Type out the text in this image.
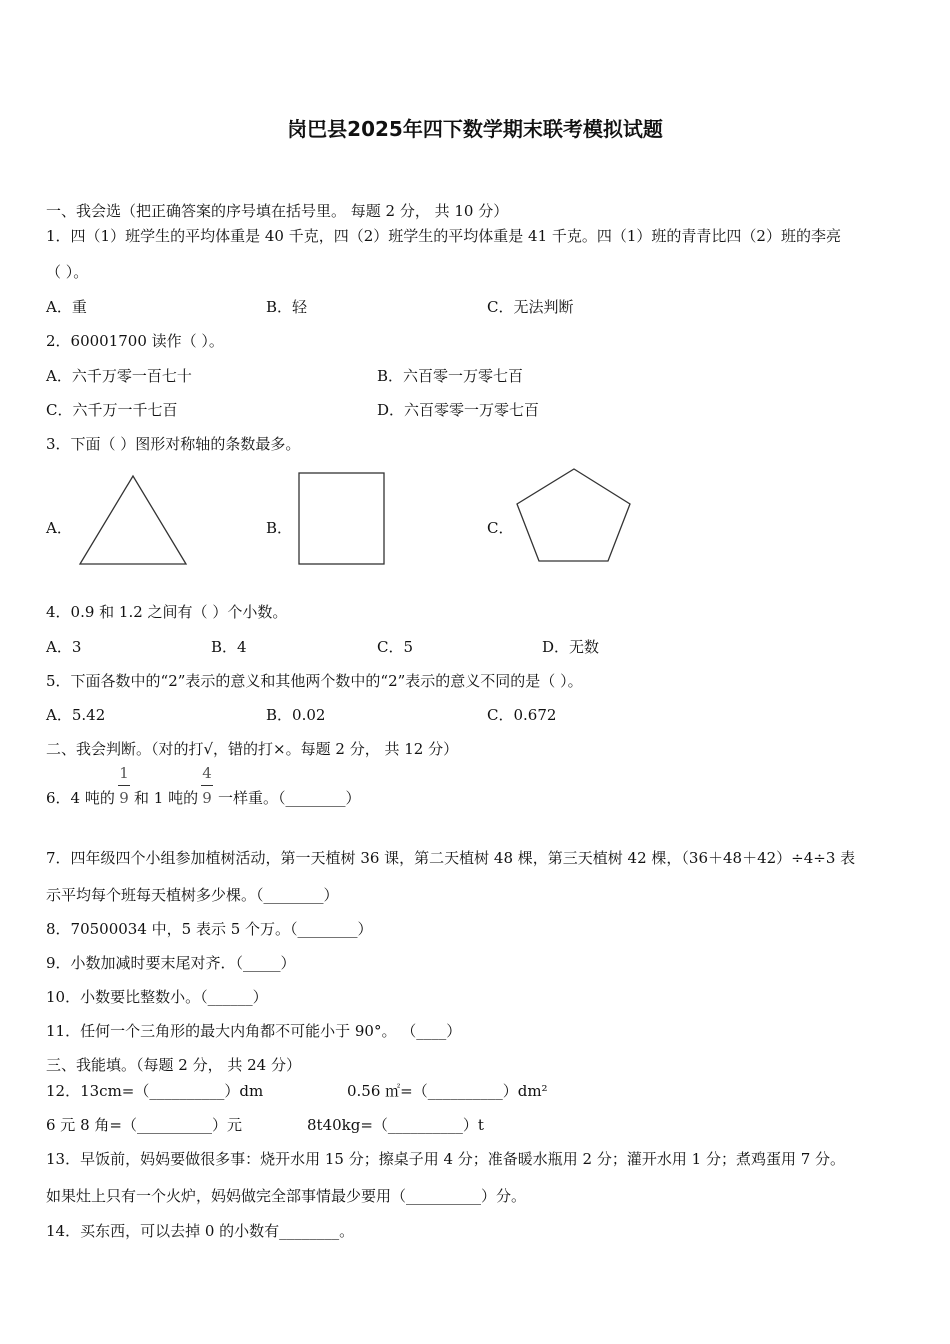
岗巴县2025年四下数学期末联考模拟试题
一、我会选（把正确答案的序号填在括号里。 每题 2 分， 共 10 分）
1．四（1）班学生的平均体重是 40 千克，四（2）班学生的平均体重是 41 千克。四（1）班的青青比四（2）班的李亮
（ ）。
A．重	B．轻	C．无法判断
2．60001700 读作（ ）。
A．六千万零一百七十	B．六百零一万零七百
C．六千万一千七百	D．六百零零一万零七百
3．下面（ ）图形对称轴的条数最多。
A．	B．	C．
4．0.9 和 1.2 之间有（ ）个小数。
A．3	B．4	C．5	D．无数
5．下面各数中的“2”表示的意义和其他两个数中的“2”表示的意义不同的是（ ）。
A．5.42	B．0.02	C．0.672
二、我会判断。（对的打√，错的打×。每题 2 分， 共 12 分）
6．4 吨的
1
9 和 1 吨的
4
9 一样重。（________）
7．四年级四个小组参加植树活动，第一天植树 36 课，第二天植树 48 棵，第三天植树 42 棵，（36＋48＋42）÷4÷3 表
示平均每个班每天植树多少棵。（________）
8．70500034 中，5 表示 5 个万。（________）
9．小数加减时要末尾对齐．（_____）
10．小数要比整数小。（______）
11．任何一个三角形的最大内角都不可能小于 90°。 （____）
三、我能填。（每题 2 分， 共 24 分）
12．13cm=（__________）dm	0.56 ㎡=（__________）dm²
6 元 8 角=（__________）元	8t40kg=（__________）t
13．早饭前，妈妈要做很多事：烧开水用 15 分；擦桌子用 4 分；准备暖水瓶用 2 分；灌开水用 1 分；煮鸡蛋用 7 分。
如果灶上只有一个火炉，妈妈做完全部事情最少要用（__________）分。
14．买东西，可以去掉 0 的小数有________。
